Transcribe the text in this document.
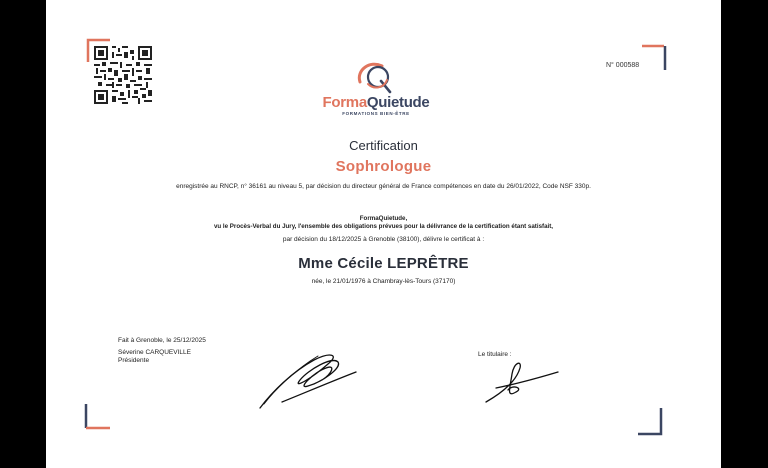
N° 000588
FormaQuietude
FORMATIONS BIEN-ÊTRE
Certification
Sophrologue
enregistrée au RNCP, n° 36161 au niveau 5, par décision du directeur général de France compétences en date du 26/01/2022, Code NSF 330p.
FormaQuietude,
vu le Procès-Verbal du Jury, l'ensemble des obligations prévues pour la délivrance de la certification étant satisfait,
par décision du 18/12/2025 à Grenoble (38100), délivre le certificat à :
Mme Cécile LEPRÊTRE
née, le 21/01/1976 à Chambray-lès-Tours (37170)
Fait à Grenoble, le 25/12/2025
Séverine CARQUEVILLE
Présidente
Le titulaire :
